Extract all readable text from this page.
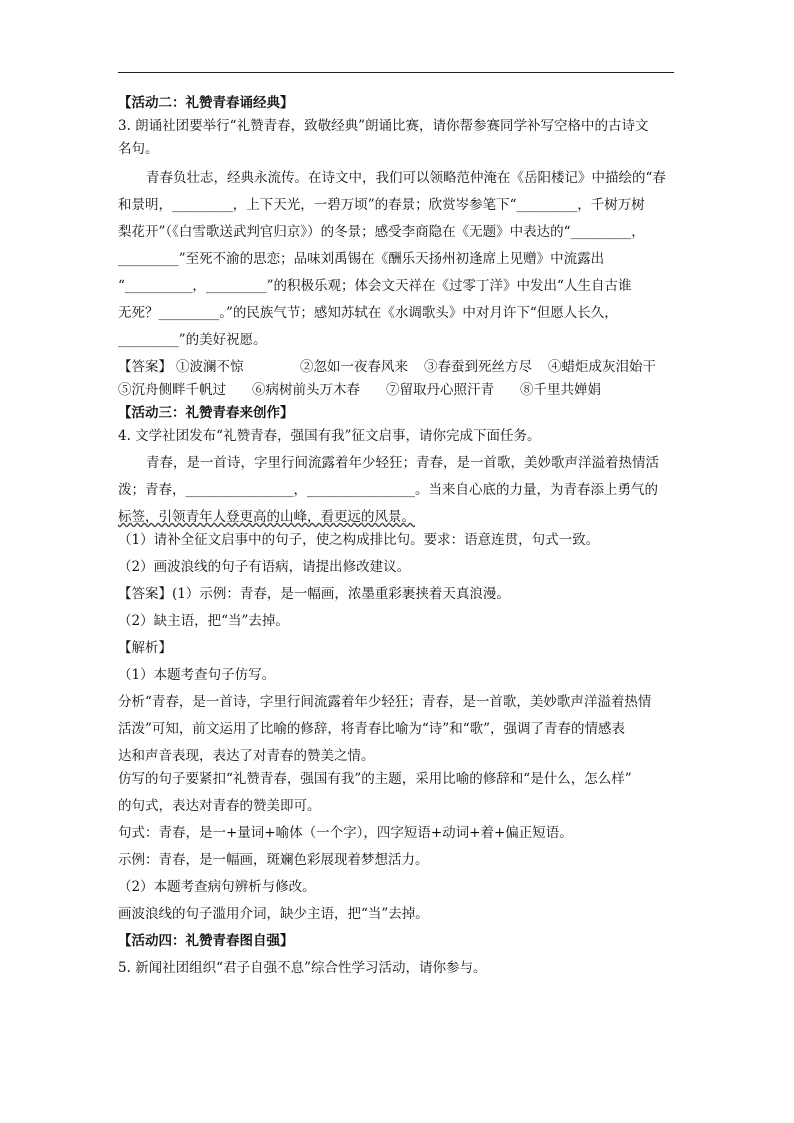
【活动二：礼赞青春诵经典】
3. 朗诵社团要举行“礼赞青春，致敬经典”朗诵比赛，请你帮参赛同学补写空格中的古诗文
名句。
青春负壮志，经典永流传。在诗文中，我们可以领略范仲淹在《岳阳楼记》中描绘的“春
和景明，_________，上下天光，一碧万顷”的春景；欣赏岑参笔下“_________，千树万树
梨花开”（《白雪歌送武判官归京》）的冬景；感受李商隐在《无题》中表达的“_________，
_________”至死不渝的思恋；品味刘禹锡在《酬乐天扬州初逢席上见赠》中流露出
“__________，_________”的积极乐观；体会文天祥在《过零丁洋》中发出“人生自古谁
无死？_________。”的民族气节；感知苏轼在《水调歌头》中对月许下“但愿人长久，
_________”的美好祝愿。
【答案】 ①波澜不惊	②忽如一夜春风来	③春蚕到死丝方尽	④蜡炬成灰泪始干
⑤沉舟侧畔千帆过	⑥病树前头万木春	⑦留取丹心照汗青	⑧千里共婵娟
【活动三：礼赞青春来创作】
4. 文学社团发布“礼赞青春，强国有我”征文启事，请你完成下面任务。
青春，是一首诗，字里行间流露着年少轻狂；青春，是一首歌，美妙歌声洋溢着热情活
泼；青春，________________，________________。当来自心底的力量，为青春添上勇气的
标签，引领青年人登更高的山峰，看更远的风景。
（1）请补全征文启事中的句子，使之构成排比句。要求：语意连贯，句式一致。
（2）画波浪线的句子有语病，请提出修改建议。
【答案】(1）示例：青春，是一幅画，浓墨重彩裹挟着天真浪漫。
（2）缺主语，把“当”去掉。
【解析】
（1）本题考查句子仿写。
分析“青春，是一首诗，字里行间流露着年少轻狂；青春，是一首歌，美妙歌声洋溢着热情
活泼”可知，前文运用了比喻的修辞，将青春比喻为“诗”和“歌”，强调了青春的情感表
达和声音表现，表达了对青春的赞美之情。
仿写的句子要紧扣“礼赞青春，强国有我”的主题，采用比喻的修辞和“是什么，怎么样”
的句式，表达对青春的赞美即可。
句式：青春，是一+量词+喻体（一个字），四字短语+动词+着+偏正短语。
示例：青春，是一幅画，斑斓色彩展现着梦想活力。
（2）本题考查病句辨析与修改。
画波浪线的句子滥用介词，缺少主语，把“当”去掉。
【活动四：礼赞青春图自强】
5. 新闻社团组织“君子自强不息”综合性学习活动，请你参与。
